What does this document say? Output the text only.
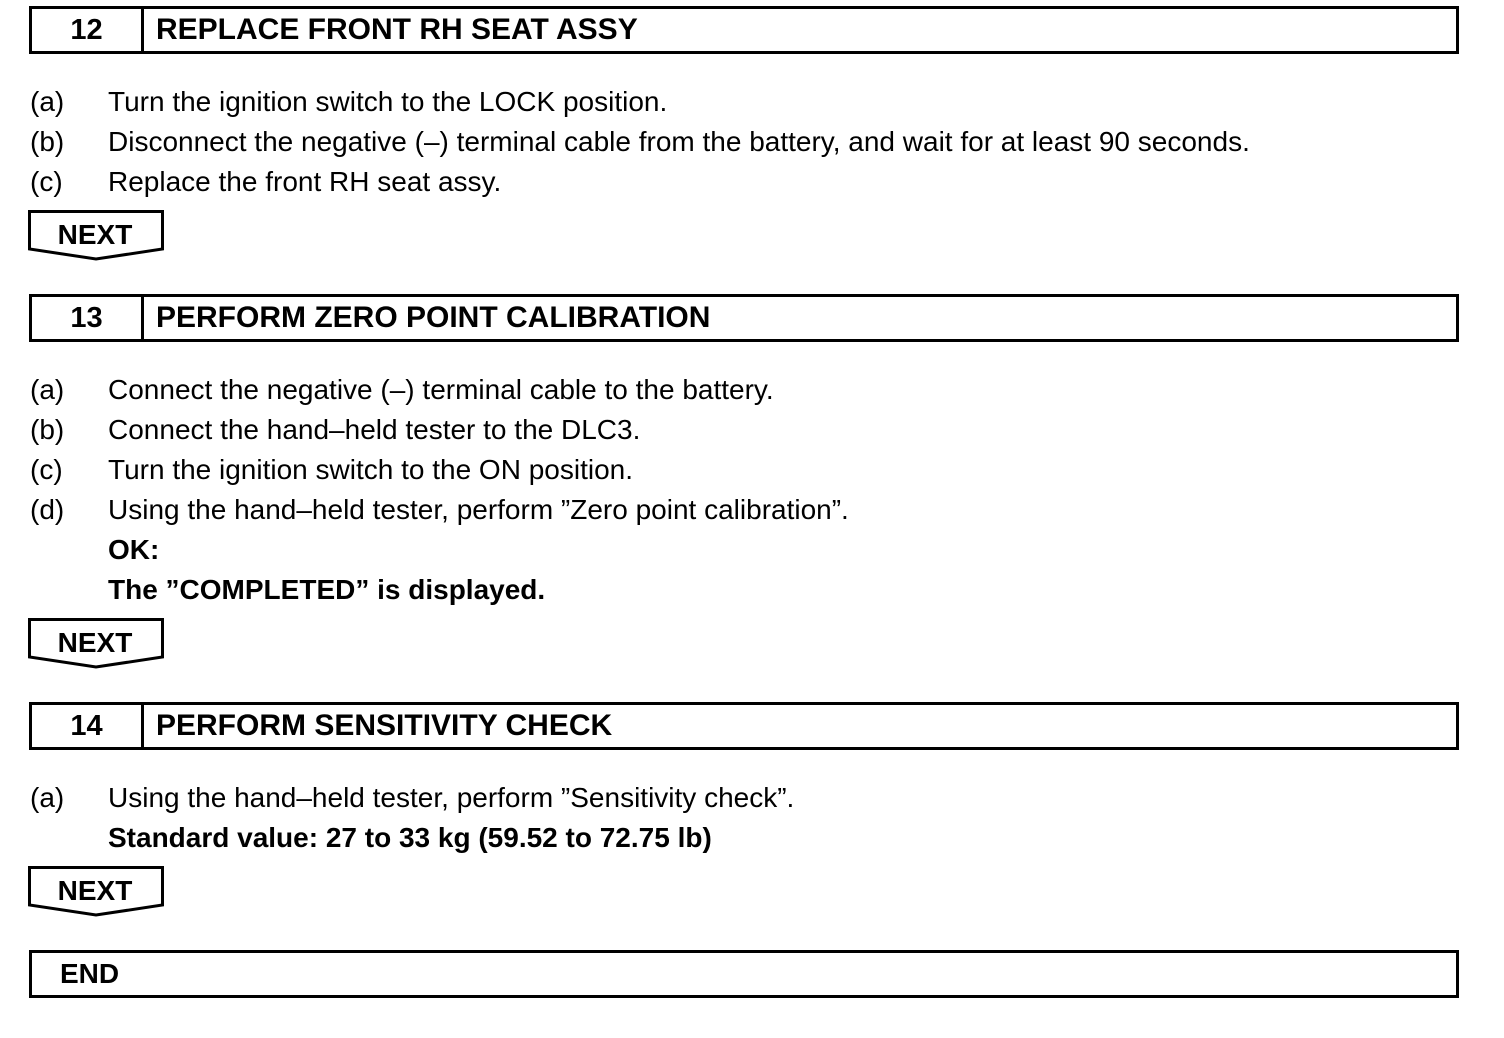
12	REPLACE FRONT RH SEAT ASSY
(a)	Turn the ignition switch to the LOCK position.
(b)	Disconnect the negative (–) terminal cable from the battery, and wait for at least 90 seconds.
(c)	Replace the front RH seat assy.
NEXT
13	PERFORM ZERO POINT CALIBRATION
(a)	Connect the negative (–) terminal cable to the battery.
(b)	Connect the hand–held tester to the DLC3.
(c)	Turn the ignition switch to the ON position.
(d)	Using the hand–held tester, perform ”Zero point calibration”.
OK:
The ”COMPLETED” is displayed.
NEXT
14	PERFORM SENSITIVITY CHECK
(a)	Using the hand–held tester, perform ”Sensitivity check”.
Standard value: 27 to 33 kg (59.52 to 72.75 lb)
NEXT
END
